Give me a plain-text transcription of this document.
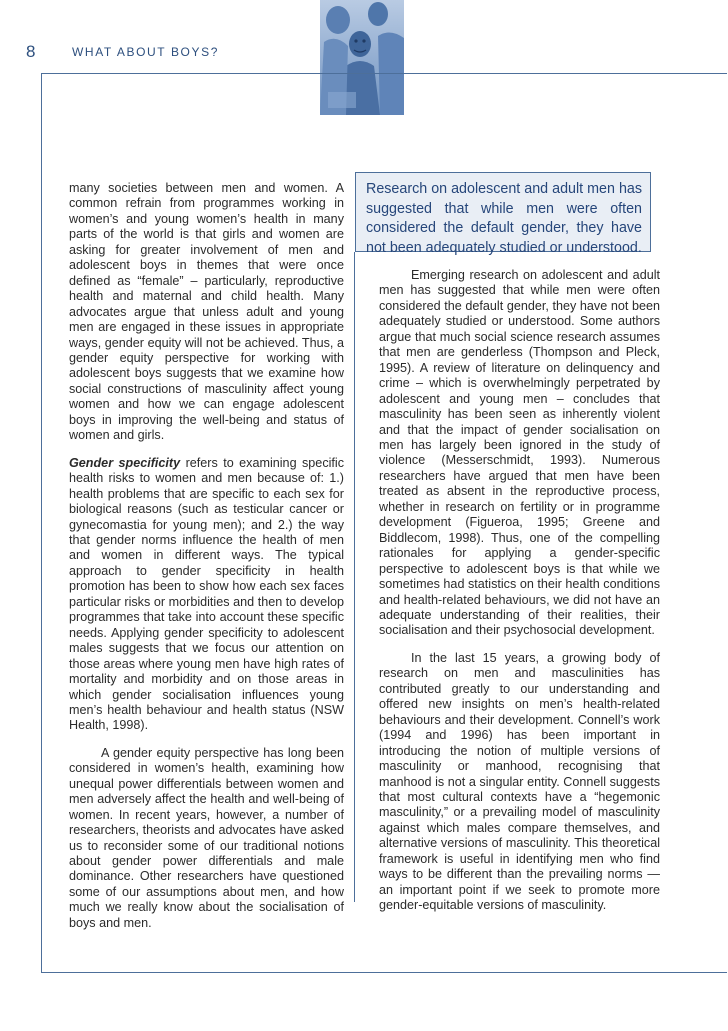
8	WHAT ABOUT BOYS?

many societies between men and women. A common refrain from programmes working in women’s and young women’s health in many parts of the world is that girls and women are asking for greater involvement of men and adolescent boys in themes that were once defined as “female” – particularly, reproductive health and maternal and child health. Many advocates argue that unless adult and young men are engaged in these issues in appropriate ways, gender equity will not be achieved. Thus, a gender equity perspective for working with adolescent boys suggests that we examine how social constructions of masculinity affect young women and how we can engage adolescent boys in improving the well-being and status of women and girls.

Gender specificity refers to examining specific health risks to women and men because of: 1.) health problems that are specific to each sex for biological reasons (such as testicular cancer or gynecomastia for young men); and 2.) the way that gender norms influence the health of men and women in different ways. The typical approach to gender specificity in health promotion has been to show how each sex faces particular risks or morbidities and then to develop programmes that take into account these specific needs. Applying gender specificity to adolescent males suggests that we focus our attention on those areas where young men have high rates of mortality and morbidity and on those areas in which gender socialisation influences young men’s health behaviour and health status (NSW Health, 1998).

A gender equity perspective has long been considered in women’s health, examining how unequal power differentials between women and men adversely affect the health and well-being of women. In recent years, however, a number of researchers, theorists and advocates have asked us to reconsider some of our traditional notions about gender power differentials and male dominance. Other researchers have questioned some of our assumptions about men, and how much we really know about the socialisation of boys and men.

Research on adolescent and adult men has suggested that while men were often considered the default gender, they have not been adequately studied or understood.

Emerging research on adolescent and adult men has suggested that while men were often considered the default gender, they have not been adequately studied or understood. Some authors argue that much social science research assumes that men are genderless (Thompson and Pleck, 1995). A review of literature on delinquency and crime – which is overwhelmingly perpetrated by adolescent and young men – concludes that masculinity has been seen as inherently violent and that the impact of gender socialisation on men has largely been ignored in the study of violence (Messerschmidt, 1993). Numerous researchers have argued that men have been treated as absent in the reproductive process, whether in research on fertility or in programme development (Figueroa, 1995; Greene and Biddlecom, 1998). Thus, one of the compelling rationales for applying a gender-specific perspective to adolescent boys is that while we sometimes had statistics on their health conditions and health-related behaviours, we did not have an adequate understanding of their realities, their socialisation and their psychosocial development.

In the last 15 years, a growing body of research on men and masculinities has contributed greatly to our understanding and offered new insights on men’s health-related behaviours and their development. Connell’s work (1994 and 1996) has been important in introducing the notion of multiple versions of masculinity or manhood, recognising that manhood is not a singular entity. Connell suggests that most cultural contexts have a “hegemonic masculinity,” or a prevailing model of masculinity against which males compare themselves, and alternative versions of masculinity. This theoretical framework is useful in identifying men who find ways to be different than the prevailing norms — an important point if we seek to promote more gender-equitable versions of masculinity.
